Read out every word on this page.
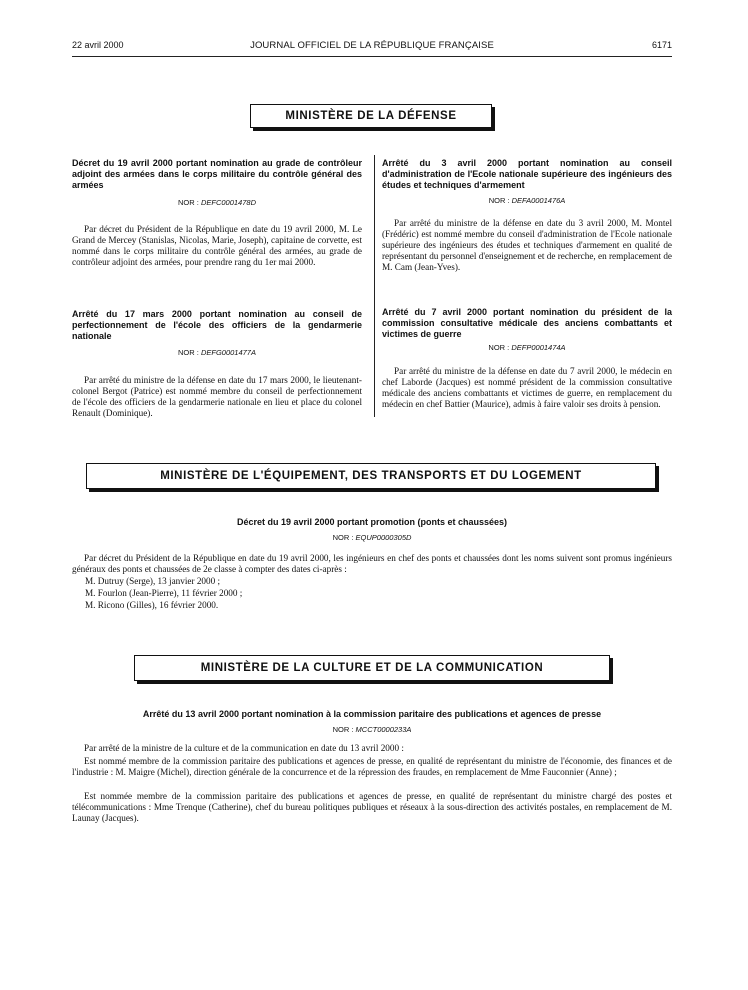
22 avril 2000	JOURNAL OFFICIEL DE LA RÉPUBLIQUE FRANÇAISE	6171
MINISTÈRE DE LA DÉFENSE
Décret du 19 avril 2000 portant nomination au grade de contrôleur adjoint des armées dans le corps militaire du contrôle général des armées
NOR : DEFC0001478D

Par décret du Président de la République en date du 19 avril 2000, M. Le Grand de Mercey (Stanislas, Nicolas, Marie, Joseph), capitaine de corvette, est nommé dans le corps militaire du contrôle général des armées, au grade de contrôleur adjoint des armées, pour prendre rang du 1er mai 2000.

Arrêté du 17 mars 2000 portant nomination au conseil de perfectionnement de l'école des officiers de la gendarmerie nationale
NOR : DEFG0001477A

Par arrêté du ministre de la défense en date du 17 mars 2000, le lieutenant-colonel Bergot (Patrice) est nommé membre du conseil de perfectionnement de l'école des officiers de la gendarmerie nationale en lieu et place du colonel Renault (Dominique).

Arrêté du 3 avril 2000 portant nomination au conseil d'administration de l'Ecole nationale supérieure des ingénieurs des études et techniques d'armement
NOR : DEFA0001476A

Par arrêté du ministre de la défense en date du 3 avril 2000, M. Montel (Frédéric) est nommé membre du conseil d'administration de l'Ecole nationale supérieure des ingénieurs des études et techniques d'armement en qualité de représentant du personnel d'enseignement et de recherche, en remplacement de M. Cam (Jean-Yves).

Arrêté du 7 avril 2000 portant nomination du président de la commission consultative médicale des anciens combattants et victimes de guerre
NOR : DEFP0001474A

Par arrêté du ministre de la défense en date du 7 avril 2000, le médecin en chef Laborde (Jacques) est nommé président de la commission consultative médicale des anciens combattants et victimes de guerre, en remplacement du médecin en chef Battier (Maurice), admis à faire valoir ses droits à pension.

MINISTÈRE DE L'ÉQUIPEMENT, DES TRANSPORTS ET DU LOGEMENT
Décret du 19 avril 2000 portant promotion (ponts et chaussées)
NOR : EQUP0000305D

Par décret du Président de la République en date du 19 avril 2000, les ingénieurs en chef des ponts et chaussées dont les noms suivent sont promus ingénieurs généraux des ponts et chaussées de 2e classe à compter des dates ci-après :

M. Dutruy (Serge), 13 janvier 2000 ;
M. Fourlon (Jean-Pierre), 11 février 2000 ;
M. Ricono (Gilles), 16 février 2000.
MINISTÈRE DE LA CULTURE ET DE LA COMMUNICATION
Arrêté du 13 avril 2000 portant nomination à la commission paritaire des publications et agences de presse
NOR : MCCT0000233A

Par arrêté de la ministre de la culture et de la communication en date du 13 avril 2000 :

Est nommé membre de la commission paritaire des publications et agences de presse, en qualité de représentant du ministre de l'économie, des finances et de l'industrie : M. Maigre (Michel), direction générale de la concurrence et de la répression des fraudes, en remplacement de Mme Fauconnier (Anne) ;

Est nommée membre de la commission paritaire des publications et agences de presse, en qualité de représentant du ministre chargé des postes et télécommunications : Mme Trenque (Catherine), chef du bureau politiques publiques et réseaux à la sous-direction des activités postales, en remplacement de M. Launay (Jacques).
